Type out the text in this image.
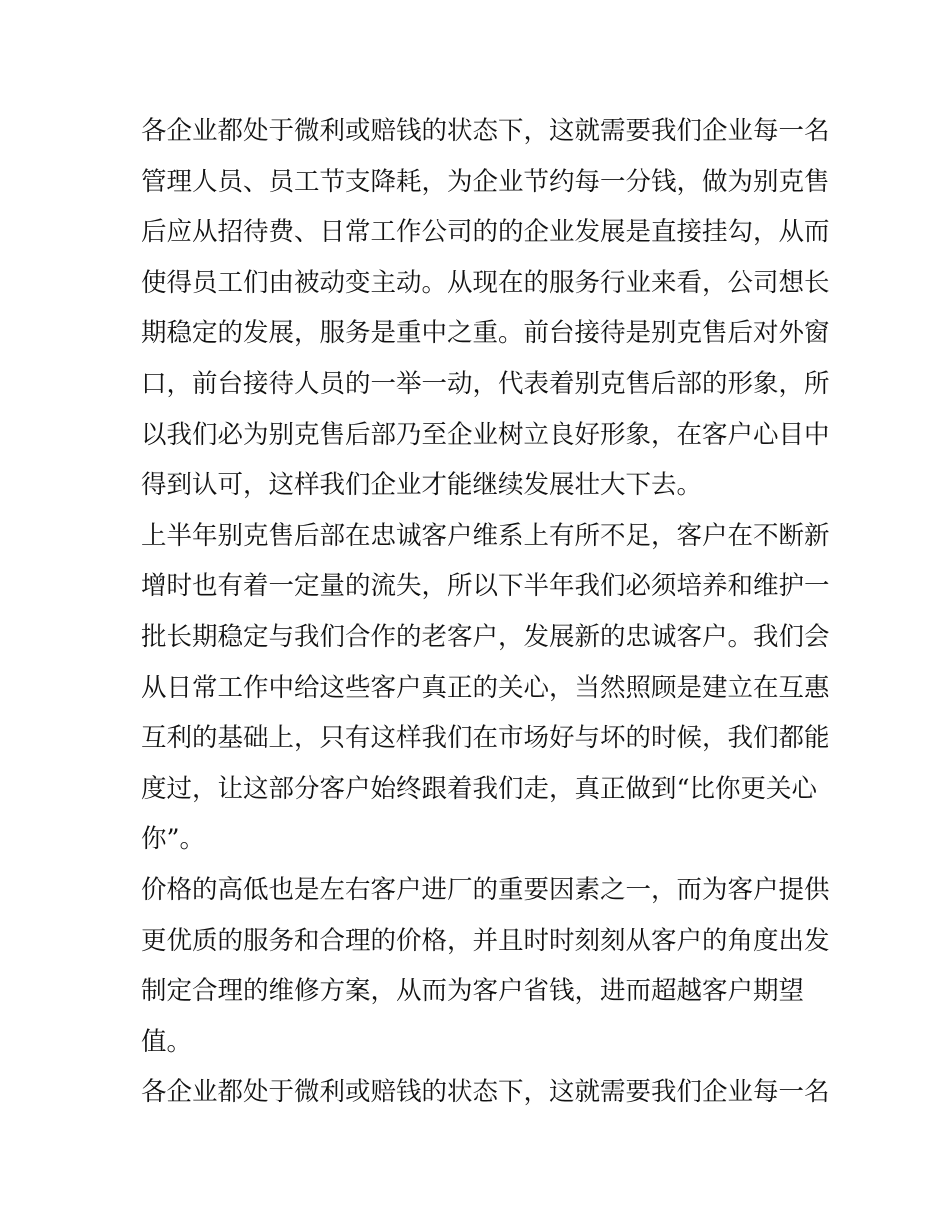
各企业都处于微利或赔钱的状态下，这就需要我们企业每一名
管理人员、员工节支降耗，为企业节约每一分钱，做为别克售
后应从招待费、日常工作公司的的企业发展是直接挂勾，从而
使得员工们由被动变主动。从现在的服务行业来看，公司想长
期稳定的发展，服务是重中之重。前台接待是别克售后对外窗
口，前台接待人员的一举一动，代表着别克售后部的形象，所
以我们必为别克售后部乃至企业树立良好形象，在客户心目中
得到认可，这样我们企业才能继续发展壮大下去。
上半年别克售后部在忠诚客户维系上有所不足，客户在不断新
增时也有着一定量的流失，所以下半年我们必须培养和维护一
批长期稳定与我们合作的老客户，发展新的忠诚客户。我们会
从日常工作中给这些客户真正的关心，当然照顾是建立在互惠
互利的基础上，只有这样我们在市场好与坏的时候，我们都能
度过，让这部分客户始终跟着我们走，真正做到“比你更关心
你”。
价格的高低也是左右客户进厂的重要因素之一，而为客户提供
更优质的服务和合理的价格，并且时时刻刻从客户的角度出发
制定合理的维修方案，从而为客户省钱，进而超越客户期望
值。
各企业都处于微利或赔钱的状态下，这就需要我们企业每一名
